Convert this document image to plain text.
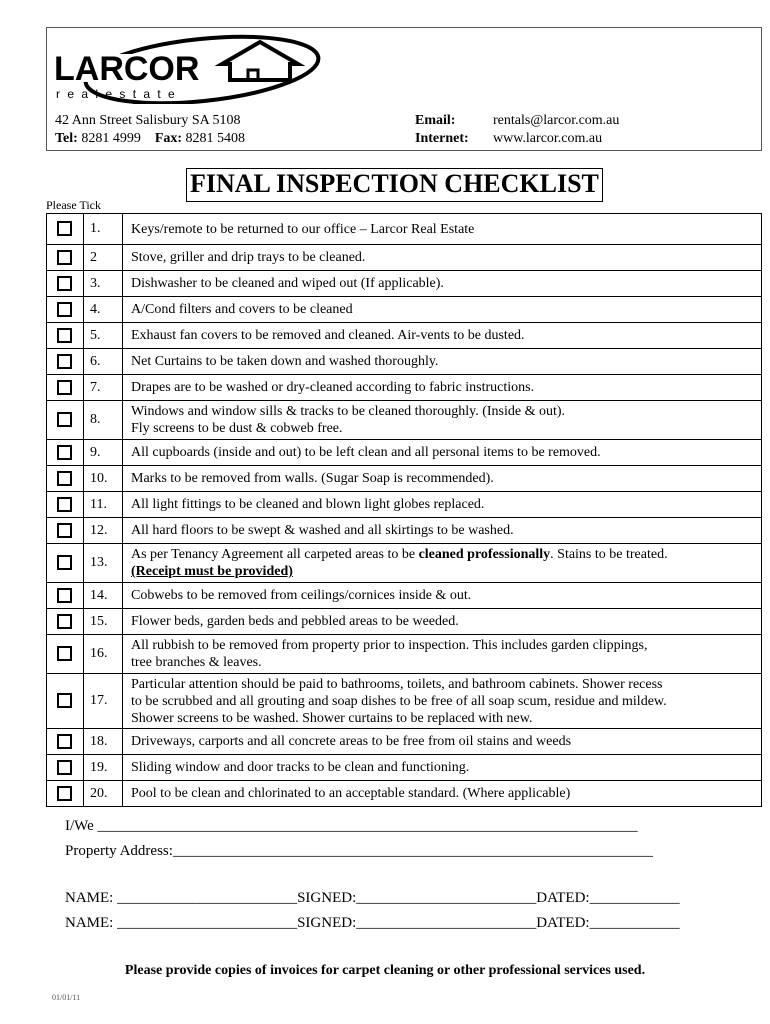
LARCOR
r e a l e s t a t e
42 Ann Street Salisbury SA 5108
Tel: 8281 4999 Fax: 8281 5408
Email:	rentals@larcor.com.au
Internet: www.larcor.com.au
FINAL INSPECTION CHECKLIST
Please Tick
1.	Keys/remote to be returned to our office – Larcor Real Estate
2	Stove, griller and drip trays to be cleaned.
3.	Dishwasher to be cleaned and wiped out (If applicable).
4.	A/Cond filters and covers to be cleaned
5.	Exhaust fan covers to be removed and cleaned. Air-vents to be dusted.
6.	Net Curtains to be taken down and washed thoroughly.
7.	Drapes are to be washed or dry-cleaned according to fabric instructions.
8.
Windows and window sills & tracks to be cleaned thoroughly. (Inside & out).
Fly screens to be dust & cobweb free.
9.	All cupboards (inside and out) to be left clean and all personal items to be removed.
10.	Marks to be removed from walls. (Sugar Soap is recommended).
11.	All light fittings to be cleaned and blown light globes replaced.
12.	All hard floors to be swept & washed and all skirtings to be washed.
13.
As per Tenancy Agreement all carpeted areas to be cleaned professionally. Stains to be treated.
(Receipt must be provided)
14.	Cobwebs to be removed from ceilings/cornices inside & out.
15.	Flower beds, garden beds and pebbled areas to be weeded.
16.
All rubbish to be removed from property prior to inspection. This includes garden clippings,
tree branches & leaves.
17.
Particular attention should be paid to bathrooms, toilets, and bathroom cabinets. Shower recess
to be scrubbed and all grouting and soap dishes to be free of all soap scum, residue and mildew.
Shower screens to be washed. Shower curtains to be replaced with new.
18.	Driveways, carports and all concrete areas to be free from oil stains and weeds
19.	Sliding window and door tracks to be clean and functioning.
20.	Pool to be clean and chlorinated to an acceptable standard. (Where applicable)
I/We ________________________________________________________________________
Property Address:________________________________________________________________
NAME: ________________________SIGNED:________________________DATED:____________
NAME: ________________________SIGNED:________________________DATED:____________
Please provide copies of invoices for carpet cleaning or other professional services used.
01/01/11
